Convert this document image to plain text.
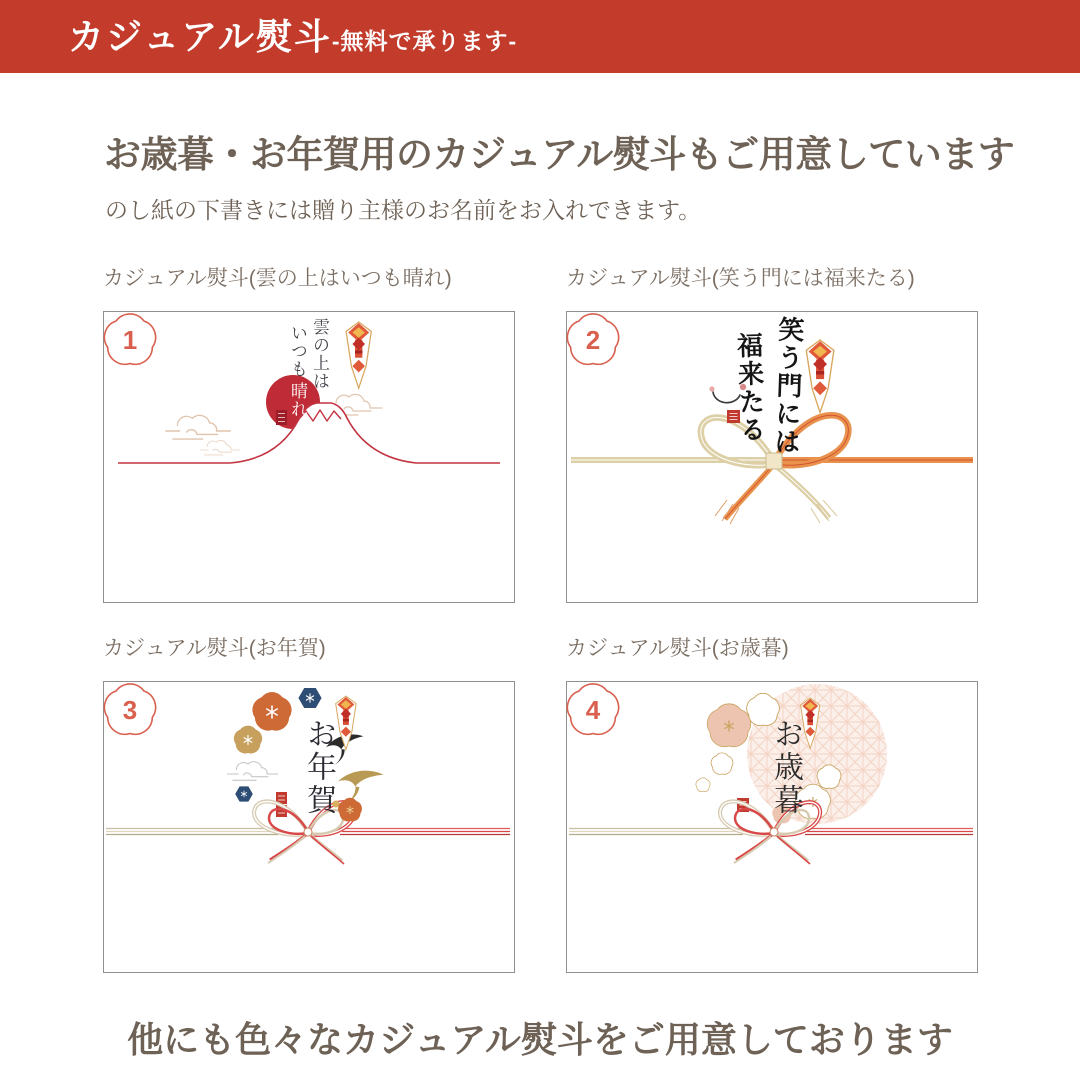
カジュアル熨斗 -無料で承ります-
お歳暮・お年賀用のカジュアル熨斗もご用意しています

のし紙の下書きには贈り主様のお名前をお入れできます。

カジュアル熨斗(雲の上はいつも晴れ)
雲の上は
いつも
晴れ
1
カジュアル熨斗(笑う門には福来たる)
笑う門には
福来たる
2
カジュアル熨斗(お年賀)
お年賀
3
カジュアル熨斗(お歳暮)
お歳暮
4

他にも色々なカジュアル熨斗をご用意しております
